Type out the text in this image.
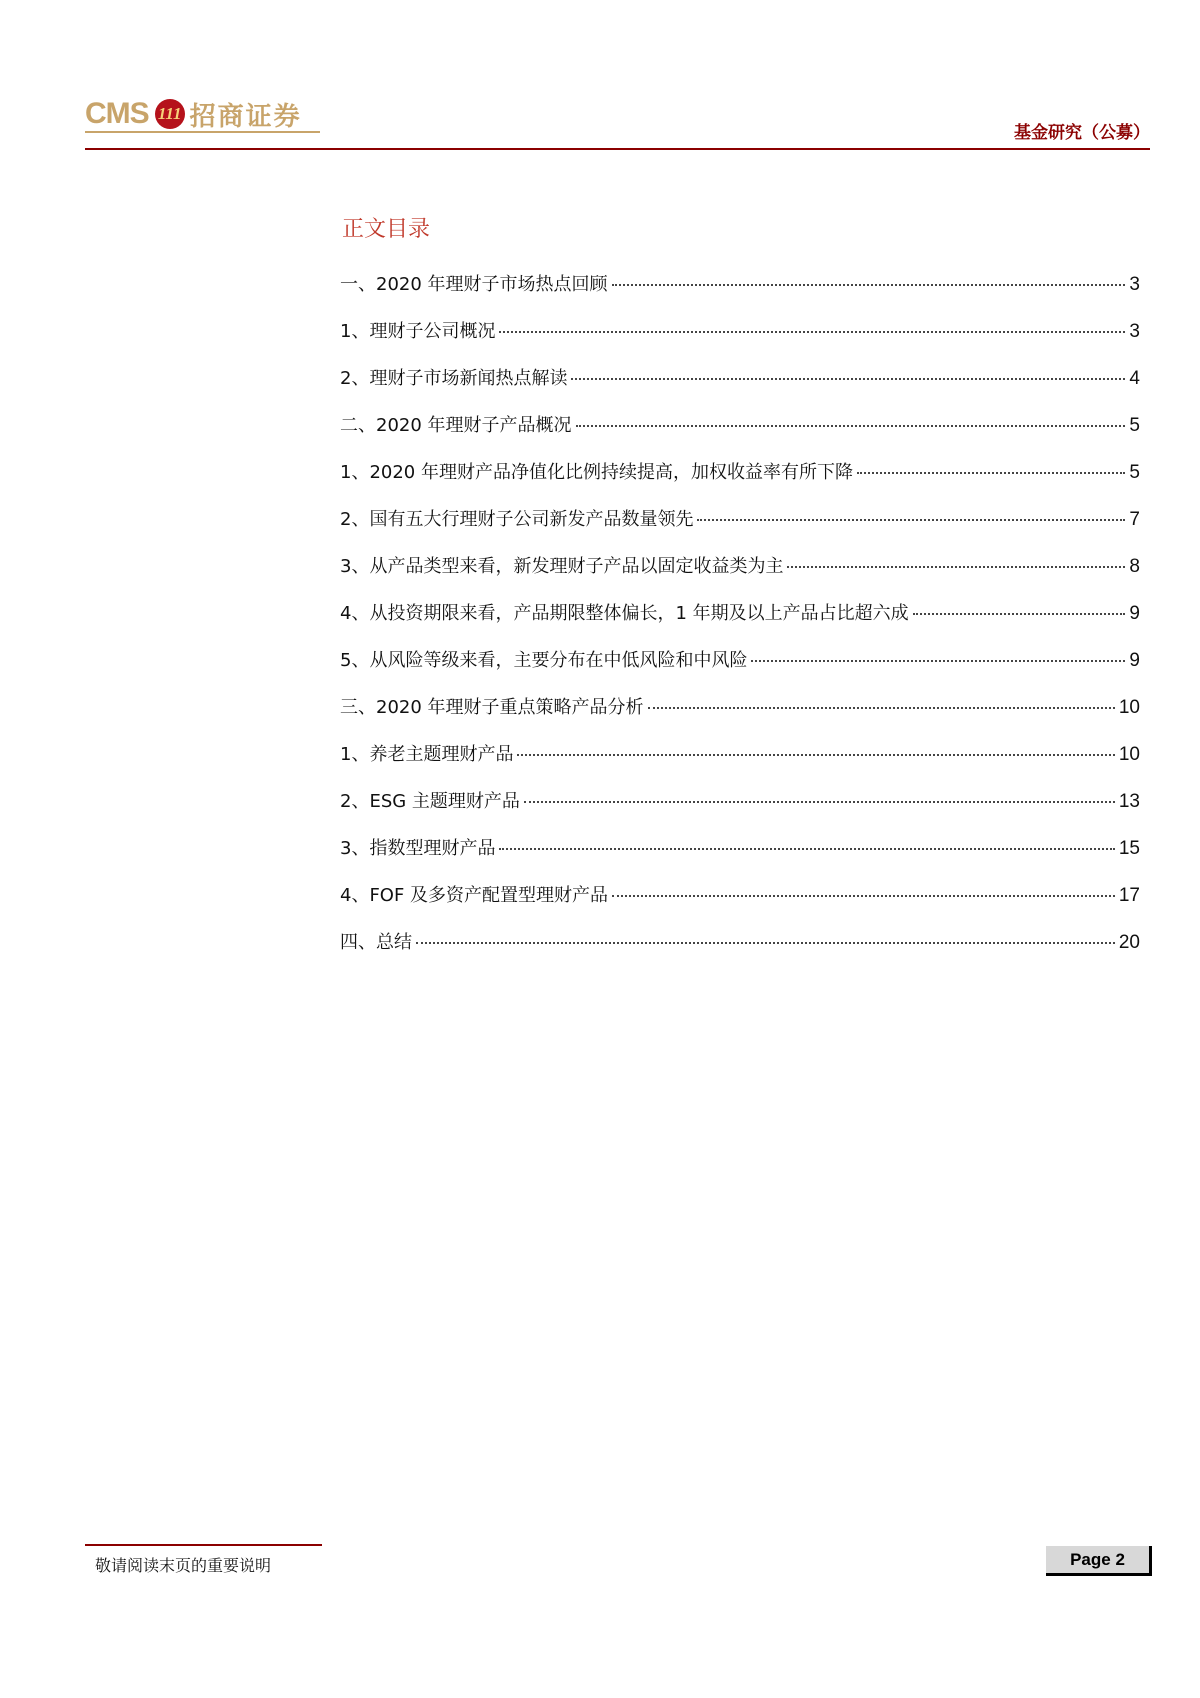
CMS 111 招商证券
基金研究（公募）
正文目录
一、2020 年理财子市场热点回顾	3
1、理财子公司概况	3
2、理财子市场新闻热点解读	4
二、2020 年理财子产品概况	5
1、2020 年理财产品净值化比例持续提高，加权收益率有所下降	5
2、国有五大行理财子公司新发产品数量领先	7
3、从产品类型来看，新发理财子产品以固定收益类为主	8
4、从投资期限来看，产品期限整体偏长，1 年期及以上产品占比超六成	9
5、从风险等级来看，主要分布在中低风险和中风险	9
三、2020 年理财子重点策略产品分析	10
1、养老主题理财产品	10
2、ESG 主题理财产品	13
3、指数型理财产品	15
4、FOF 及多资产配置型理财产品	17
四、总结	20
敬请阅读末页的重要说明	Page 2
